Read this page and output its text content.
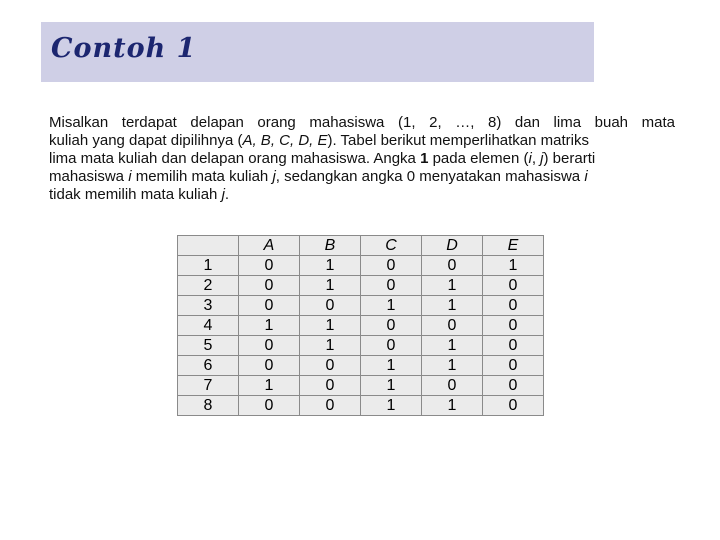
Contoh 1
Misalkan terdapat delapan orang mahasiswa (1, 2, …, 8) dan lima buah mata
kuliah yang dapat dipilihnya (A, B, C, D, E). Tabel berikut memperlihatkan matriks
lima mata kuliah dan delapan orang mahasiswa. Angka 1 pada elemen (i, j) berarti
mahasiswa i memilih mata kuliah j, sedangkan angka 0 menyatakan mahasiswa i
tidak memilih mata kuliah j.
	A	B	C	D	E
1	0	1	0	0	1
2	0	1	0	1	0
3	0	0	1	1	0
4	1	1	0	0	0
5	0	1	0	1	0
6	0	0	1	1	0
7	1	0	1	0	0
8	0	0	1	1	0
